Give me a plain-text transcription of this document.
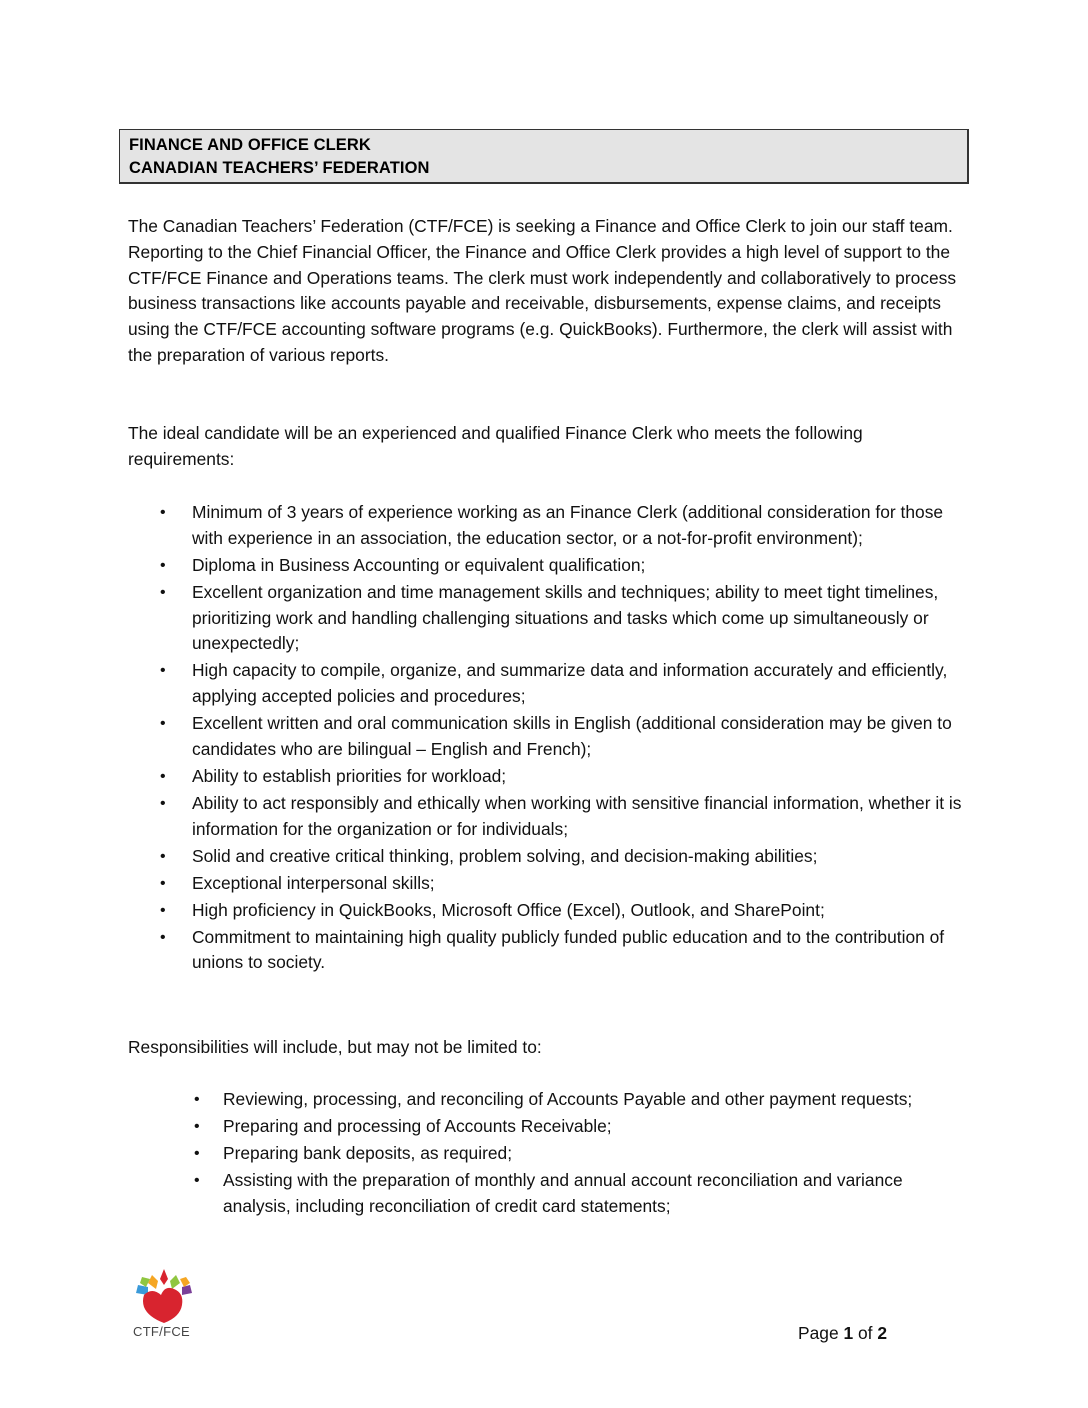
FINANCE AND OFFICE CLERK
CANADIAN TEACHERS’ FEDERATION

The Canadian Teachers’ Federation (CTF/FCE) is seeking a Finance and Office Clerk to join our staff team. Reporting to the Chief Financial Officer, the Finance and Office Clerk provides a high level of support to the CTF/FCE Finance and Operations teams. The clerk must work independently and collaboratively to process business transactions like accounts payable and receivable, disbursements, expense claims, and receipts using the CTF/FCE accounting software programs (e.g. QuickBooks). Furthermore, the clerk will assist with the preparation of various reports.

The ideal candidate will be an experienced and qualified Finance Clerk who meets the following requirements:

• Minimum of 3 years of experience working as an Finance Clerk (additional consideration for those with experience in an association, the education sector, or a not-for-profit environment);
• Diploma in Business Accounting or equivalent qualification;
• Excellent organization and time management skills and techniques; ability to meet tight timelines, prioritizing work and handling challenging situations and tasks which come up simultaneously or unexpectedly;
• High capacity to compile, organize, and summarize data and information accurately and efficiently, applying accepted policies and procedures;
• Excellent written and oral communication skills in English (additional consideration may be given to candidates who are bilingual – English and French);
• Ability to establish priorities for workload;
• Ability to act responsibly and ethically when working with sensitive financial information, whether it is information for the organization or for individuals;
• Solid and creative critical thinking, problem solving, and decision-making abilities;
• Exceptional interpersonal skills;
• High proficiency in QuickBooks, Microsoft Office (Excel), Outlook, and SharePoint;
• Commitment to maintaining high quality publicly funded public education and to the contribution of unions to society.

Responsibilities will include, but may not be limited to:

• Reviewing, processing, and reconciling of Accounts Payable and other payment requests;
• Preparing and processing of Accounts Receivable;
• Preparing bank deposits, as required;
• Assisting with the preparation of monthly and annual account reconciliation and variance analysis, including reconciliation of credit card statements;
CTF/FCE	Page 1 of 2
